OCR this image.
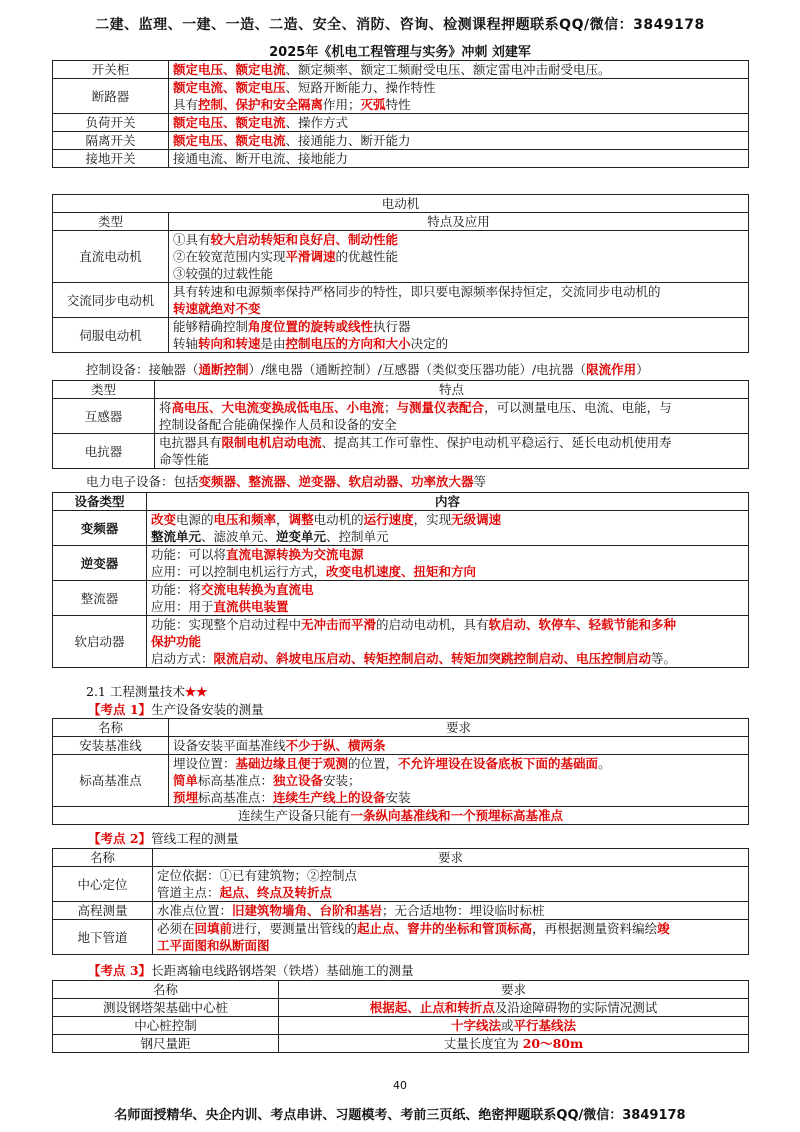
二建、监理、一建、一造、二造、安全、消防、咨询、检测课程押题联系QQ/微信：3849178
2025年《机电工程管理与实务》冲刺 刘建军
开关柜	额定电压、额定电流、额定频率、额定工频耐受电压、额定雷电冲击耐受电压。

断路器	额定电流、额定电压、短路开断能力、操作特性
具有控制、保护和安全隔离作用；灭弧特性

负荷开关	额定电压、额定电流、操作方式

隔离开关	额定电压、额定电流、接通能力、断开能力

接地开关	接通电流、断开电流、接地能力
电动机	
类型	特点及应用
直流电动机	①具有较大启动转矩和良好启、制动性能
②在较宽范围内实现平滑调速的优越性能
③较强的过载性能

交流同步电动机	具有转速和电源频率保持严格同步的特性，即只要电源频率保持恒定，交流同步电动机的
转速就绝对不变

伺服电动机	能够精确控制角度位置的旋转或线性执行器
转轴转向和转速是由控制电压的方向和大小决定的
控制设备：接触器（通断控制）/继电器（通断控制）/互感器（类似变压器功能）/电抗器（限流作用）
类型	特点
互感器	将高电压、大电流变换成低电压、小电流；与测量仪表配合，可以测量电压、电流、电能，与
控制设备配合能确保操作人员和设备的安全

电抗器	电抗器具有限制电机启动电流、提高其工作可靠性、保护电动机平稳运行、延长电动机使用寿
命等性能
电力电子设备：包括变频器、整流器、逆变器、软启动器、功率放大器等
设备类型	内容
变频器	改变电源的电压和频率，调整电动机的运行速度，实现无级调速
整流单元、滤波单元、逆变单元、控制单元

逆变器	功能：可以将直流电源转换为交流电源
应用：可以控制电机运行方式，改变电机速度、扭矩和方向

整流器	功能：将交流电转换为直流电
应用：用于直流供电装置

软启动器	功能：实现整个启动过程中无冲击而平滑的启动电动机，具有软启动、软停车、轻载节能和多种
保护功能
启动方式：限流启动、斜坡电压启动、转矩控制启动、转矩加突跳控制启动、电压控制启动等。
2.1 工程测量技术★★
【考点 1】生产设备安装的测量
名称	要求
安装基准线	设备安装平面基准线不少于纵、横两条

标高基准点	埋设位置：基础边缘且便于观测的位置，不允许埋设在设备底板下面的基础面。
简单标高基准点：独立设备安装；
预埋标高基准点：连续生产线上的设备安装

连续生产设备只能有一条纵向基准线和一个预埋标高基准点	
【考点 2】管线工程的测量
名称	要求
中心定位	定位依据：①已有建筑物；②控制点
管道主点：起点、终点及转折点

高程测量	水准点位置：旧建筑物墙角、台阶和基岩；无合适地物：埋设临时标桩

地下管道	必须在回填前进行，要测量出管线的起止点、窨井的坐标和管顶标高，再根据测量资料编绘竣
工平面图和纵断面图
【考点 3】长距离输电线路钢塔架（铁塔）基础施工的测量
名称	要求
测设钢塔架基础中心桩	根据起、止点和转折点及沿途障碍物的实际情况测试

中心桩控制	十字线法或平行基线法

钢尺量距	丈量长度宜为 20～80m
40
名师面授精华、央企内训、考点串讲、习题模考、考前三页纸、绝密押题联系QQ/微信：3849178
